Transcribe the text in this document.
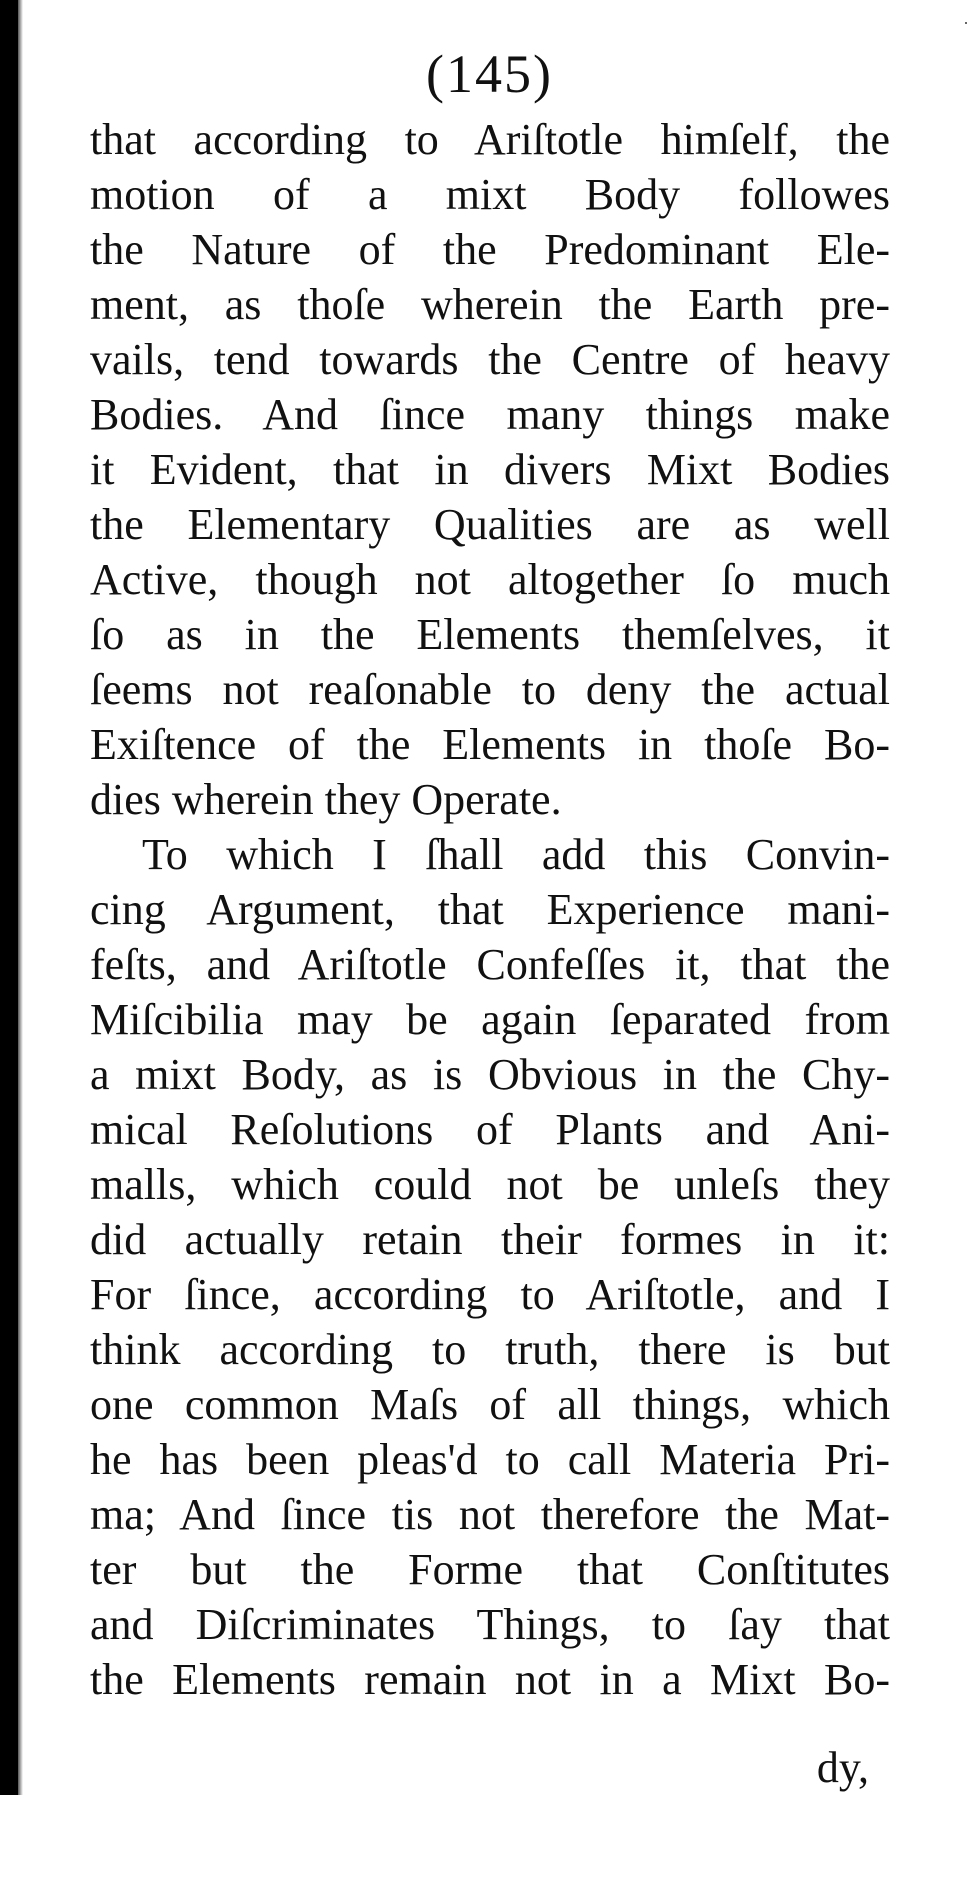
(145)
that according to Ariſtotle himſelf, the
motion of a mixt Body followes
the Nature of the Predominant Ele-
ment, as thoſe wherein the Earth pre-
vails, tend towards the Centre of heavy
Bodies. And ſince many things make
it Evident, that in divers Mixt Bodies
the Elementary Qualities are as well
Active, though not altogether ſo much
ſo as in the Elements themſelves, it
ſeems not reaſonable to deny the actual
Exiſtence of the Elements in thoſe Bo-
dies wherein they Operate.
To which I ſhall add this Convin-
cing Argument, that Experience mani-
feſts, and Ariſtotle Confeſſes it, that the
Miſcibilia may be again ſeparated from
a mixt Body, as is Obvious in the Chy-
mical Reſolutions of Plants and Ani-
malls, which could not be unleſs they
did actually retain their formes in it:
For ſince, according to Ariſtotle, and I
think according to truth, there is but
one common Maſs of all things, which
he has been pleas'd to call Materia Pri-
ma; And ſince tis not therefore the Mat-
ter but the Forme that Conſtitutes
and Diſcriminates Things, to ſay that
the Elements remain not in a Mixt Bo-
dy,
